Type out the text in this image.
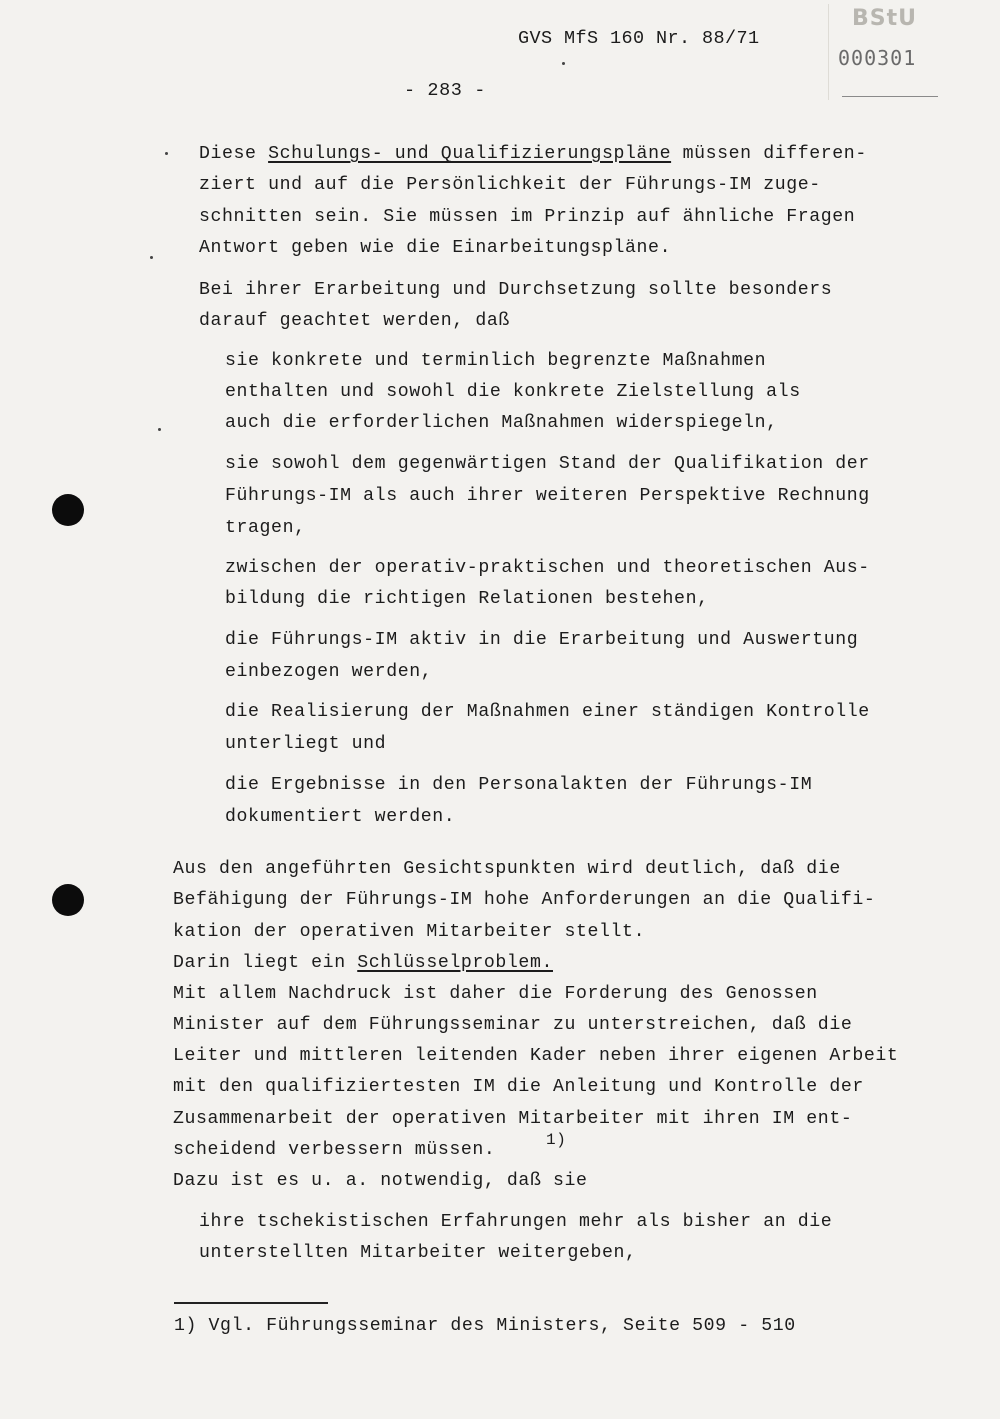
GVS MfS 160 Nr. 88/71
- 283 -
BStU
000301
Diese Schulungs- und Qualifizierungspläne müssen differen-
ziert und auf die Persönlichkeit der Führungs-IM zuge-
schnitten sein. Sie müssen im Prinzip auf ähnliche Fragen
Antwort geben wie die Einarbeitungspläne.
Bei ihrer Erarbeitung und Durchsetzung sollte besonders
darauf geachtet werden, daß
sie konkrete und terminlich begrenzte Maßnahmen
enthalten und sowohl die konkrete Zielstellung als
auch die erforderlichen Maßnahmen widerspiegeln,
sie sowohl dem gegenwärtigen Stand der Qualifikation der
Führungs-IM als auch ihrer weiteren Perspektive Rechnung
tragen,
zwischen der operativ-praktischen und theoretischen Aus-
bildung die richtigen Relationen bestehen,
die Führungs-IM aktiv in die Erarbeitung und Auswertung
einbezogen werden,
die Realisierung der Maßnahmen einer ständigen Kontrolle
unterliegt und
die Ergebnisse in den Personalakten der Führungs-IM
dokumentiert werden.
Aus den angeführten Gesichtspunkten wird deutlich, daß die
Befähigung der Führungs-IM hohe Anforderungen an die Qualifi-
kation der operativen Mitarbeiter stellt.
Darin liegt ein Schlüsselproblem.
Mit allem Nachdruck ist daher die Forderung des Genossen
Minister auf dem Führungsseminar zu unterstreichen, daß die
Leiter und mittleren leitenden Kader neben ihrer eigenen Arbeit
mit den qualifiziertesten IM die Anleitung und Kontrolle der
Zusammenarbeit der operativen Mitarbeiter mit ihren IM ent-
scheidend verbessern müssen.	1)
Dazu ist es u. a. notwendig, daß sie
ihre tschekistischen Erfahrungen mehr als bisher an die
unterstellten Mitarbeiter weitergeben,
1) Vgl. Führungsseminar des Ministers, Seite 509 - 510
